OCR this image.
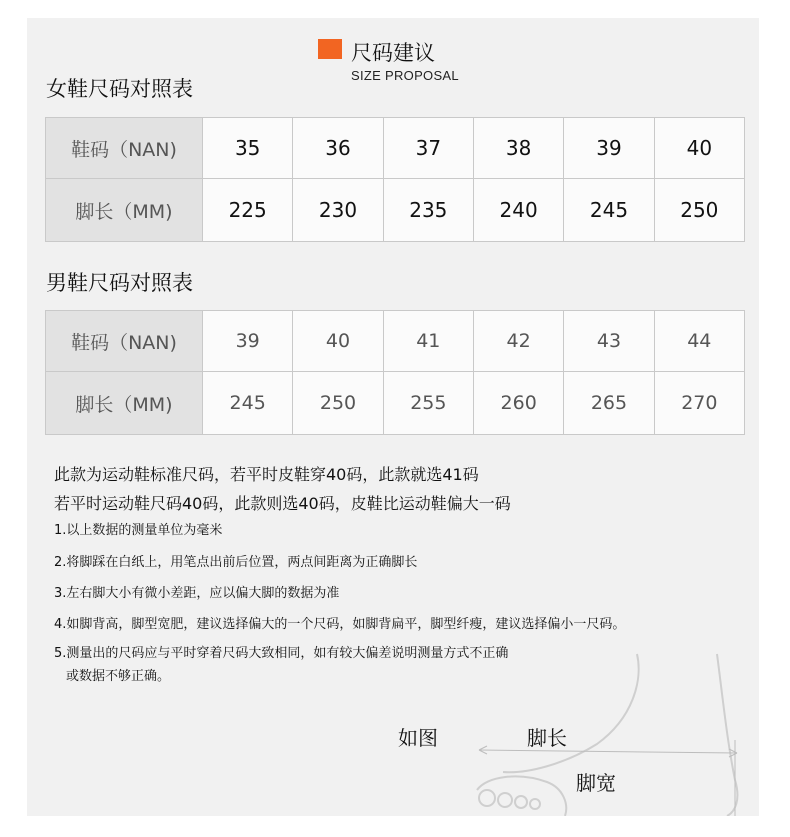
尺码建议
SIZE PROPOSAL
女鞋尺码对照表
鞋码（NAN)	35	36	37	38	39	40
脚长（MM)	225	230	235	240	245	250
男鞋尺码对照表
鞋码（NAN)	39	40	41	42	43	44
脚长（MM)	245	250	255	260	265	270
此款为运动鞋标准尺码，若平时皮鞋穿40码，此款就选41码
若平时运动鞋尺码40码，此款则选40码，皮鞋比运动鞋偏大一码
1.以上数据的测量单位为毫米
2.将脚踩在白纸上，用笔点出前后位置，两点间距离为正确脚长
3.左右脚大小有微小差距，应以偏大脚的数据为准
4.如脚背高，脚型宽肥，建议选择偏大的一个尺码，如脚背扁平，脚型纤瘦，建议选择偏小一尺码。
5.测量出的尺码应与平时穿着尺码大致相同，如有较大偏差说明测量方式不正确
或数据不够正确。
如图	脚长
脚宽
